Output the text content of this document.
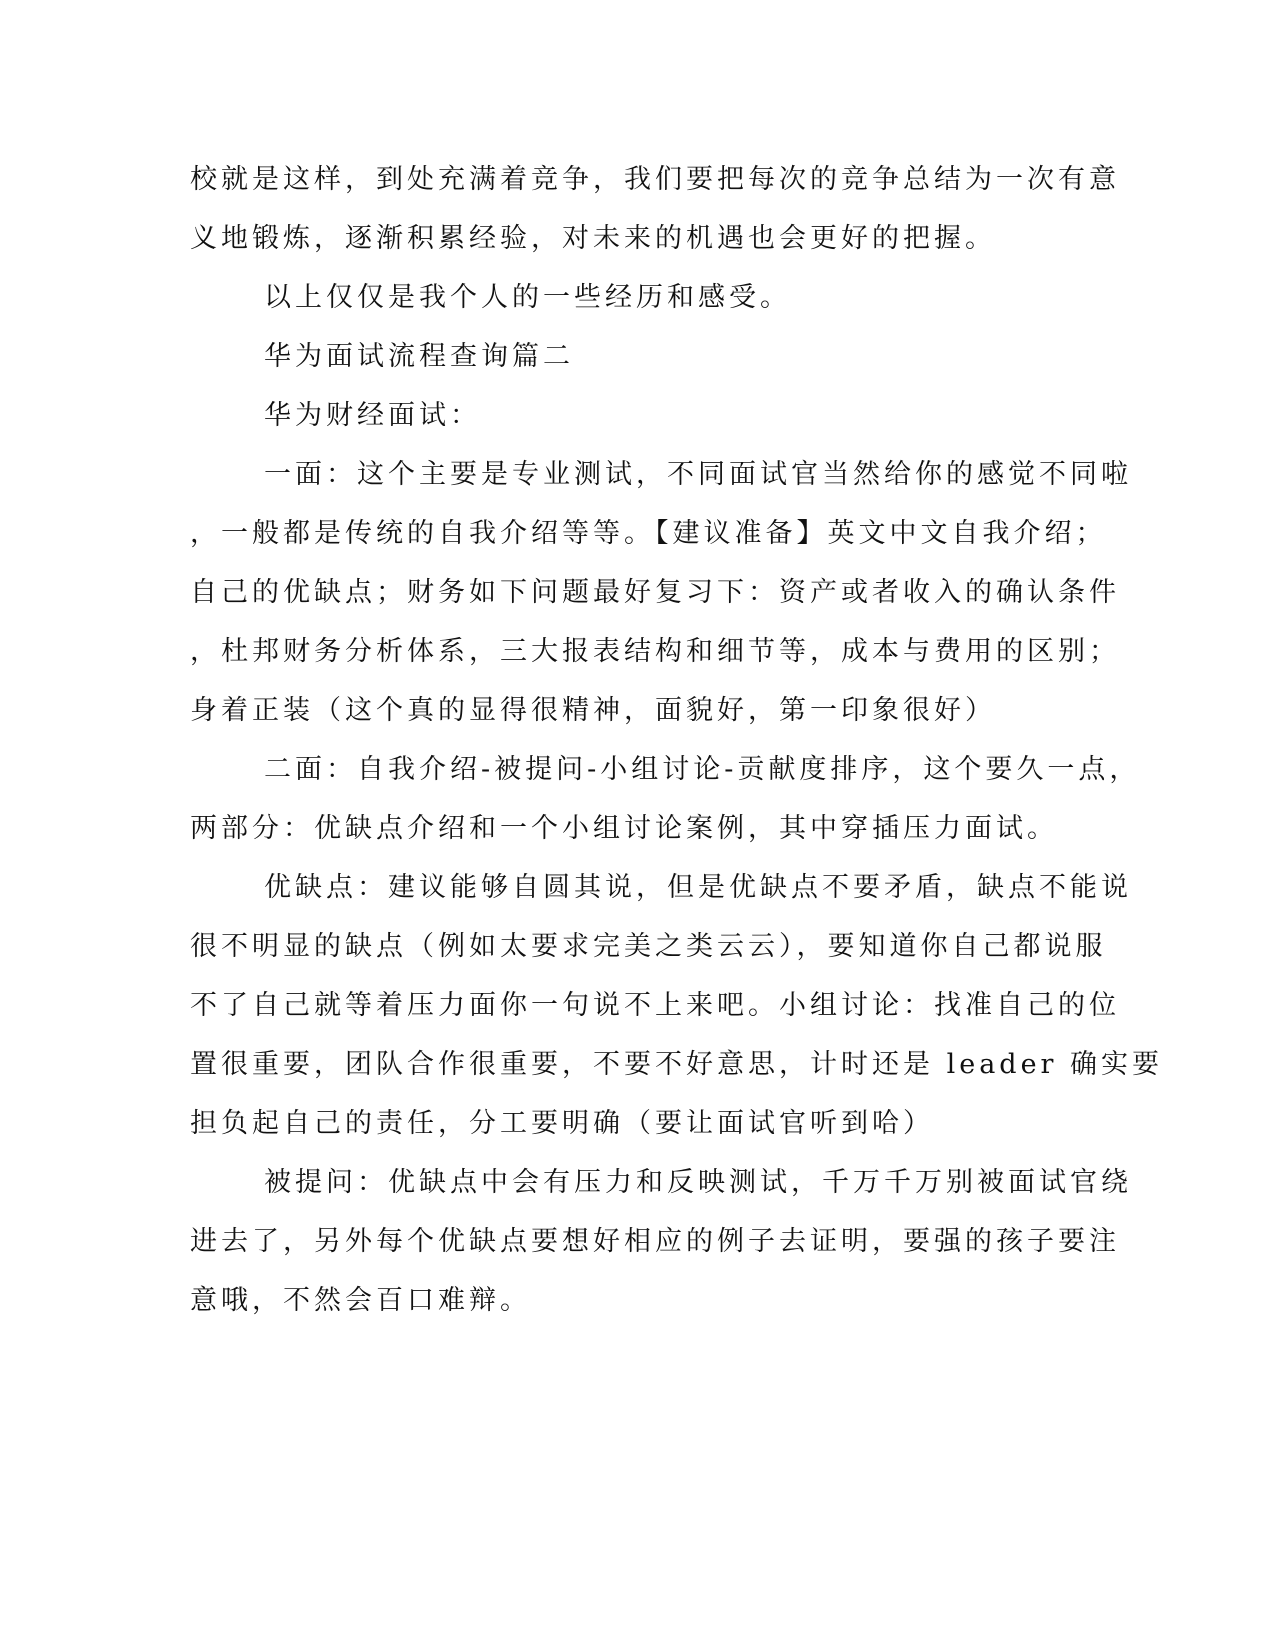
校就是这样，到处充满着竞争，我们要把每次的竞争总结为一次有意
义地锻炼，逐渐积累经验，对未来的机遇也会更好的把握。
以上仅仅是我个人的一些经历和感受。
华为面试流程查询篇二
华为财经面试：
一面：这个主要是专业测试，不同面试官当然给你的感觉不同啦
，一般都是传统的自我介绍等等。【建议准备】英文中文自我介绍；
自己的优缺点；财务如下问题最好复习下：资产或者收入的确认条件
，杜邦财务分析体系，三大报表结构和细节等，成本与费用的区别；
身着正装（这个真的显得很精神，面貌好，第一印象很好）
二面：自我介绍-被提问-小组讨论-贡献度排序，这个要久一点，
两部分：优缺点介绍和一个小组讨论案例，其中穿插压力面试。
优缺点：建议能够自圆其说，但是优缺点不要矛盾，缺点不能说
很不明显的缺点（例如太要求完美之类云云），要知道你自己都说服
不了自己就等着压力面你一句说不上来吧。小组讨论：找准自己的位
置很重要，团队合作很重要，不要不好意思，计时还是 leader 确实要
担负起自己的责任，分工要明确（要让面试官听到哈）
被提问：优缺点中会有压力和反映测试，千万千万别被面试官绕
进去了，另外每个优缺点要想好相应的例子去证明，要强的孩子要注
意哦，不然会百口难辩。
